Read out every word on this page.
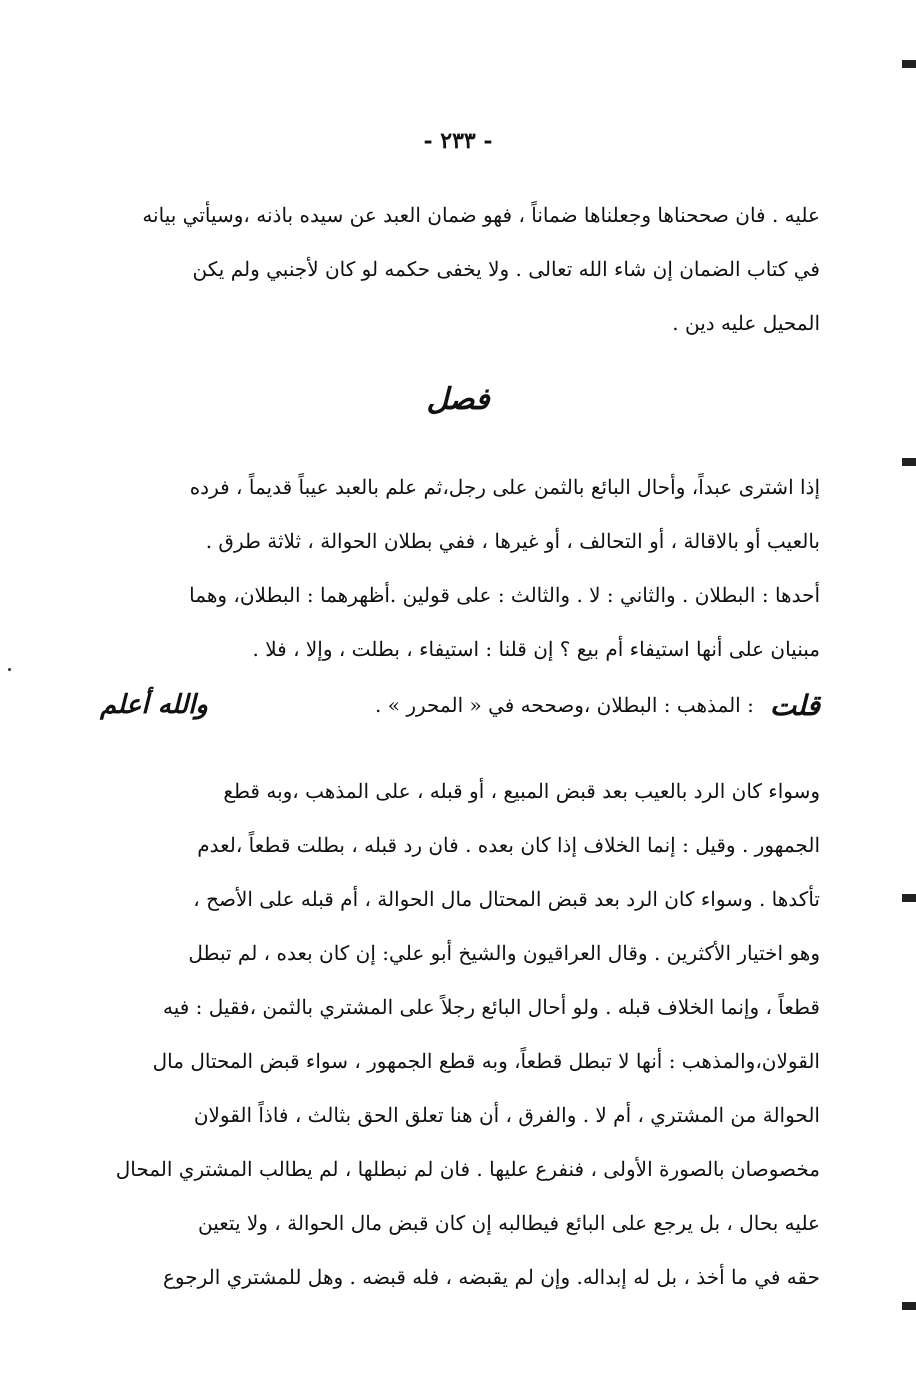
- ٢٣٣ -
عليه . فان صححناها وجعلناها ضماناً ، فهو ضمان العبد عن سيده باذنه ،وسيأتي بيانه
في كتاب الضمان إن شاء الله تعالى . ولا يخفى حكمه لو كان لأجنبي ولم يكن
المحيل عليه دين .
فصل
إذا اشترى عبداً، وأحال البائع بالثمن على رجل،ثم علم بالعبد عيباً قديماً ، فرده
بالعيب أو بالاقالة ، أو التحالف ، أو غيرها ، ففي بطلان الحوالة ، ثلاثة طرق .
أحدها : البطلان . والثاني : لا . والثالث : على قولين .أظهرهما : البطلان، وهما
مبنيان على أنها استيفاء أم بيع ؟ إن قلنا : استيفاء ، بطلت ، وإلا ، فلا .
قلت
: المذهب : البطلان ،وصححه في « المحرر » .
والله أعلم
وسواء كان الرد بالعيب بعد قبض المبيع ، أو قبله ، على المذهب ،وبه قطع
الجمهور . وقيل : إنما الخلاف إذا كان بعده . فان رد قبله ، بطلت قطعاً ،لعدم
تأكدها . وسواء كان الرد بعد قبض المحتال مال الحوالة ، أم قبله على الأصح ،
وهو اختيار الأكثرين . وقال العراقيون والشيخ أبو علي: إن كان بعده ، لم تبطل
قطعاً ، وإنما الخلاف قبله . ولو أحال البائع رجلاً على المشتري بالثمن ،فقيل : فيه
القولان،والمذهب : أنها لا تبطل قطعاً، وبه قطع الجمهور ، سواء قبض المحتال مال
الحوالة من المشتري ، أم لا . والفرق ، أن هنا تعلق الحق بثالث ، فاذاً القولان
مخصوصان بالصورة الأولى ، فنفرع عليها . فان لم نبطلها ، لم يطالب المشتري المحال
عليه بحال ، بل يرجع على البائع فيطالبه إن كان قبض مال الحوالة ، ولا يتعين
حقه في ما أخذ ، بل له إبداله. وإن لم يقبضه ، فله قبضه . وهل للمشتري الرجوع
